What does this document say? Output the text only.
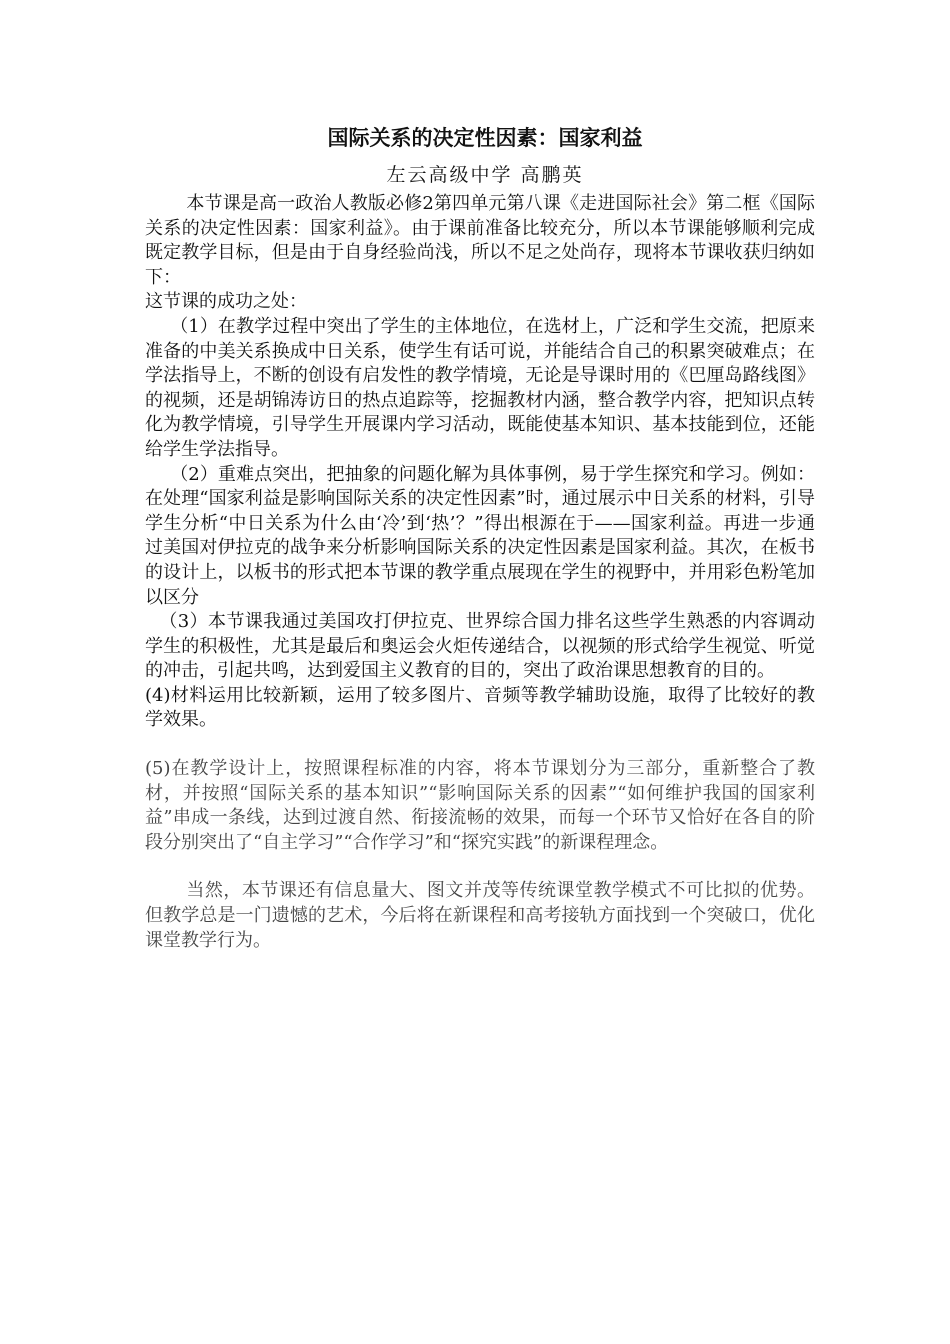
国际关系的决定性因素：国家利益
左云高级中学 高鹏英

本节课是高一政治人教版必修2第四单元第八课《走进国际社会》第二框《国际关系的决定性因素：国家利益》。由于课前准备比较充分，所以本节课能够顺利完成既定教学目标，但是由于自身经验尚浅，所以不足之处尚存，现将本节课收获归纳如下：

这节课的成功之处：

（1）在教学过程中突出了学生的主体地位，在选材上，广泛和学生交流，把原来准备的中美关系换成中日关系，使学生有话可说，并能结合自己的积累突破难点；在学法指导上，不断的创设有启发性的教学情境，无论是导课时用的《巴厘岛路线图》的视频，还是胡锦涛访日的热点追踪等，挖掘教材内涵，整合教学内容，把知识点转化为教学情境，引导学生开展课内学习活动，既能使基本知识、基本技能到位，还能给学生学法指导。

（2）重难点突出，把抽象的问题化解为具体事例，易于学生探究和学习。例如：在处理“国家利益是影响国际关系的决定性因素”时，通过展示中日关系的材料，引导学生分析“中日关系为什么由‘冷’到‘热’？”得出根源在于——国家利益。再进一步通过美国对伊拉克的战争来分析影响国际关系的决定性因素是国家利益。其次，在板书的设计上，以板书的形式把本节课的教学重点展现在学生的视野中，并用彩色粉笔加以区分

（3）本节课我通过美国攻打伊拉克、世界综合国力排名这些学生熟悉的内容调动学生的积极性，尤其是最后和奥运会火炬传递结合，以视频的形式给学生视觉、听觉的冲击，引起共鸣，达到爱国主义教育的目的，突出了政治课思想教育的目的。

(4)材料运用比较新颖，运用了较多图片、音频等教学辅助设施，取得了比较好的教学效果。

(5)在教学设计上，按照课程标准的内容，将本节课划分为三部分，重新整合了教材，并按照“国际关系的基本知识”“影响国际关系的因素”“如何维护我国的国家利益”串成一条线，达到过渡自然、衔接流畅的效果，而每一个环节又恰好在各自的阶段分别突出了“自主学习”“合作学习”和“探究实践”的新课程理念。

当然，本节课还有信息量大、图文并茂等传统课堂教学模式不可比拟的优势。但教学总是一门遗憾的艺术，今后将在新课程和高考接轨方面找到一个突破口，优化课堂教学行为。
